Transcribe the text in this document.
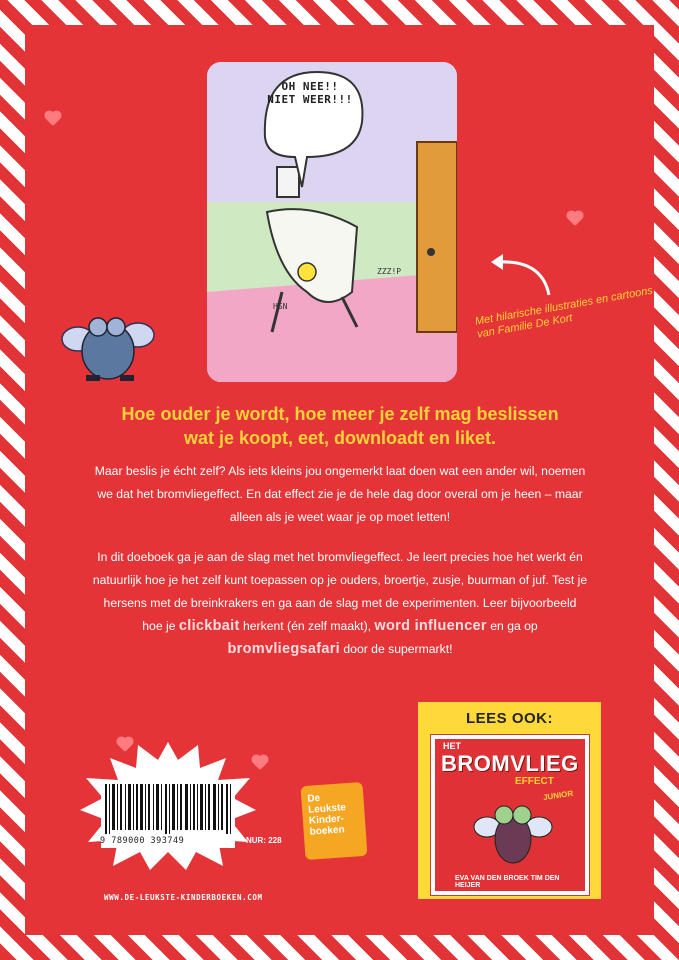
OH NEE!! NIET WEER!!!
ZZZ!P
HSN	Met hilarische illustraties en cartoons van Familie De Kort
Hoe ouder je wordt, hoe meer je zelf mag beslissen wat je koopt, eet, downloadt en liket.
Maar beslis je écht zelf? Als iets kleins jou ongemerkt laat doen wat een ander wil, noemen we dat het bromvliegeffect. En dat effect zie je de hele dag door overal om je heen – maar alleen als je weet waar je op moet letten!
In dit doeboek ga je aan de slag met het bromvliegeffect. Je leert precies hoe het werkt én natuurlijk hoe je het zelf kunt toepassen op je ouders, broertje, zusje, buurman of juf. Test je hersens met de breinkrakers en ga aan de slag met de experimenten. Leer bijvoorbeeld hoe je clickbait herkent (én zelf maakt), word influencer en ga op bromvliegsafari door de supermarkt!
9 789000 393749	NUR: 228
WWW.DE-LEUKSTE-KINDERBOEKEN.COM
De
Leukste
Kinder-
boeken
LEES OOK:
HET
BROMVLIEG
EFFECT
JUNIOR
EVA VAN DEN BROEK TIM DEN HEIJER
